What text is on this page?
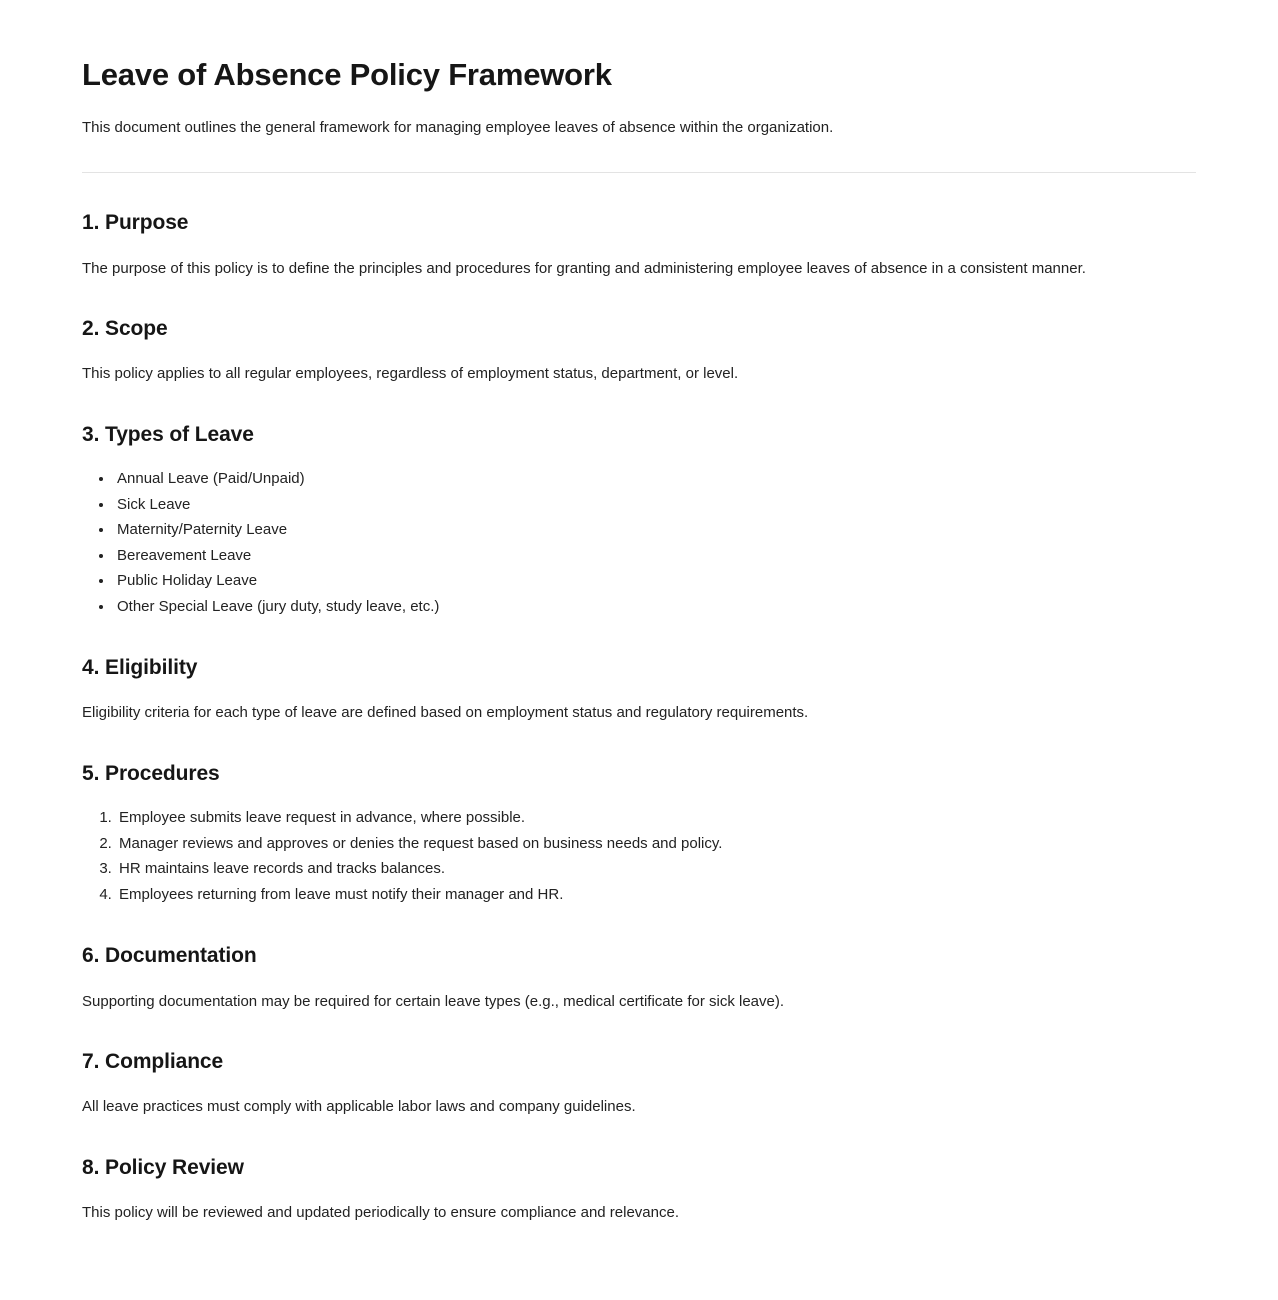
Leave of Absence Policy Framework

This document outlines the general framework for managing employee leaves of absence within the organization.

1. Purpose

The purpose of this policy is to define the principles and procedures for granting and administering employee leaves of absence in a consistent manner.

2. Scope

This policy applies to all regular employees, regardless of employment status, department, or level.

3. Types of Leave
• Annual Leave (Paid/Unpaid)
• Sick Leave
• Maternity/Paternity Leave
• Bereavement Leave
• Public Holiday Leave
• Other Special Leave (jury duty, study leave, etc.)
4. Eligibility

Eligibility criteria for each type of leave are defined based on employment status and regulatory requirements.

5. Procedures
1. Employee submits leave request in advance, where possible.
2. Manager reviews and approves or denies the request based on business needs and policy.
3. HR maintains leave records and tracks balances.
4. Employees returning from leave must notify their manager and HR.
6. Documentation

Supporting documentation may be required for certain leave types (e.g., medical certificate for sick leave).

7. Compliance

All leave practices must comply with applicable labor laws and company guidelines.

8. Policy Review

This policy will be reviewed and updated periodically to ensure compliance and relevance.
